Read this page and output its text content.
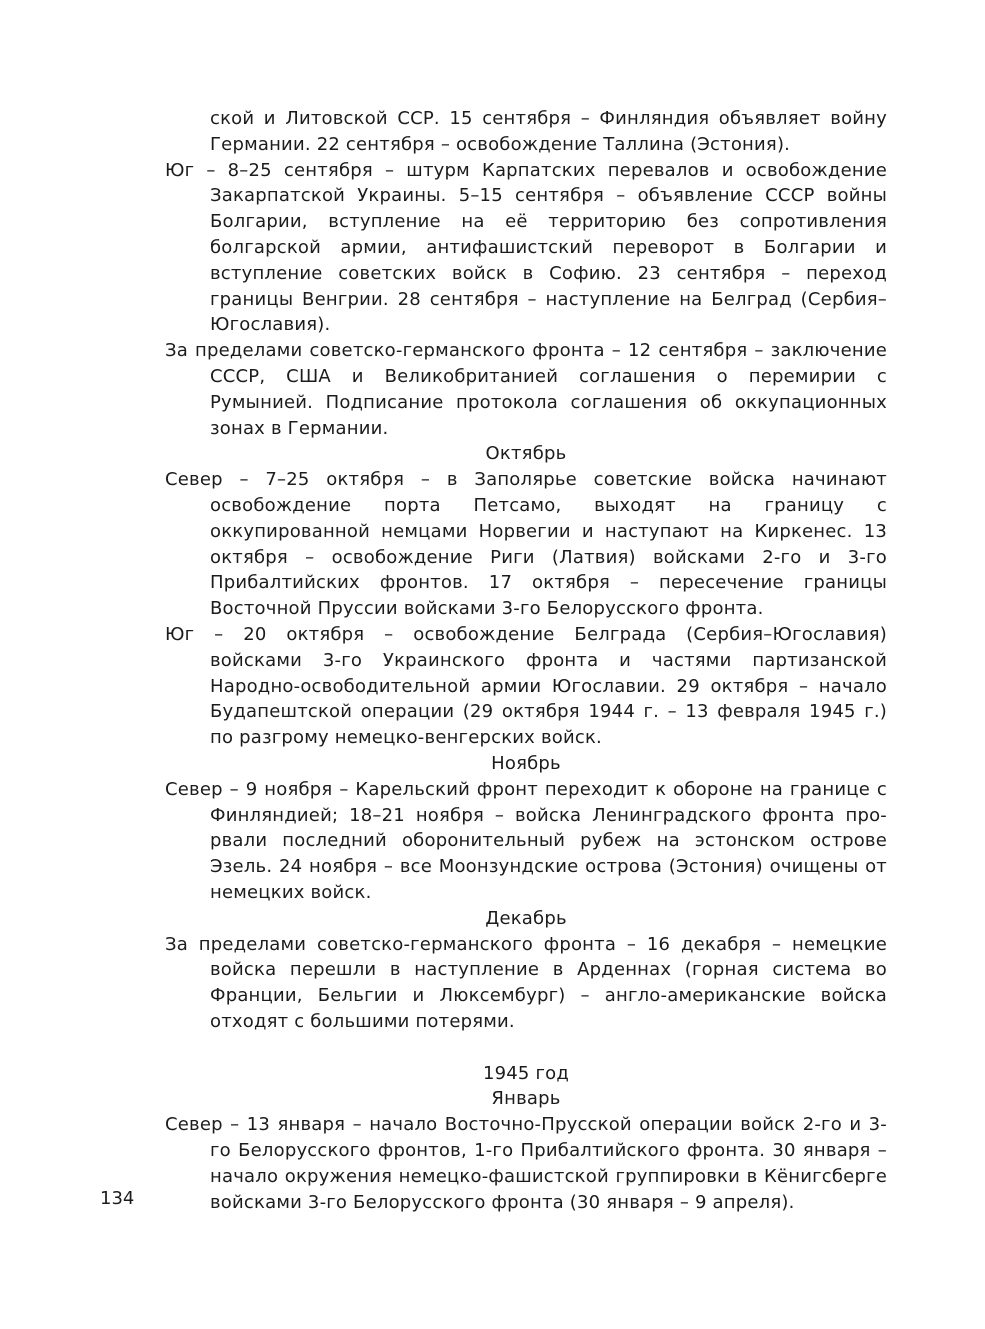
ской и Литовской ССР. 15 сентября – Финляндия объявляет войну Германии. 22 сентября – освобождение Таллина (Эстония).

Юг – 8–25 сентября – штурм Карпатских перевалов и освобождение Закарпатской Украины. 5–15 сентября – объявление СССР войны Болгарии, вступление на её территорию без сопротивления болгарской армии, антифашистский переворот в Болгарии и вступление советских войск в Софию. 23 сентября – переход границы Венгрии. 28 сентября – наступление на Белград (Сербия–Югославия).

За пределами советско-германского фронта – 12 сентября – заключение СССР, США и Великобританией соглашения о перемирии с Румынией. Подписание протокола соглашения об оккупационных зонах в Германии.

Октябрь

Север – 7–25 октября – в Заполярье советские войска начинают освобождение порта Петсамо, выходят на границу с оккупированной немцами Норвегии и наступают на Киркенес. 13 октября – освобождение Риги (Латвия) войсками 2-го и 3-го Прибалтийских фронтов. 17 октября – пересечение границы Восточной Пруссии войсками 3-го Белорусского фронта.

Юг – 20 октября – освобождение Белграда (Сербия–Югославия) войсками 3-го Украинского фронта и частями партизанской Народно-освободительной армии Югославии. 29 октября – начало Будапештской операции (29 октября 1944 г. – 13 февраля 1945 г.) по разгрому немецко-венгерских войск.

Ноябрь

Север – 9 ноября – Карельский фронт переходит к обороне на границе с Финляндией; 18–21 ноября – войска Ленинградского фронта про-рвали последний оборонительный рубеж на эстонском острове Эзель. 24 ноября – все Моонзундские острова (Эстония) очищены от немецких войск.

Декабрь

За пределами советско-германского фронта – 16 декабря – немецкие войска перешли в наступление в Арденнах (горная система во Франции, Бельгии и Люксембург) – англо-американские войска отходят с большими потерями.

1945 год

Январь

Север – 13 января – начало Восточно-Прусской операции войск 2-го и 3-го Белорусского фронтов, 1-го Прибалтийского фронта. 30 января – начало окружения немецко-фашистской группировки в Кёнигсберге войсками 3-го Белорусского фронта (30 января – 9 апреля).

134
